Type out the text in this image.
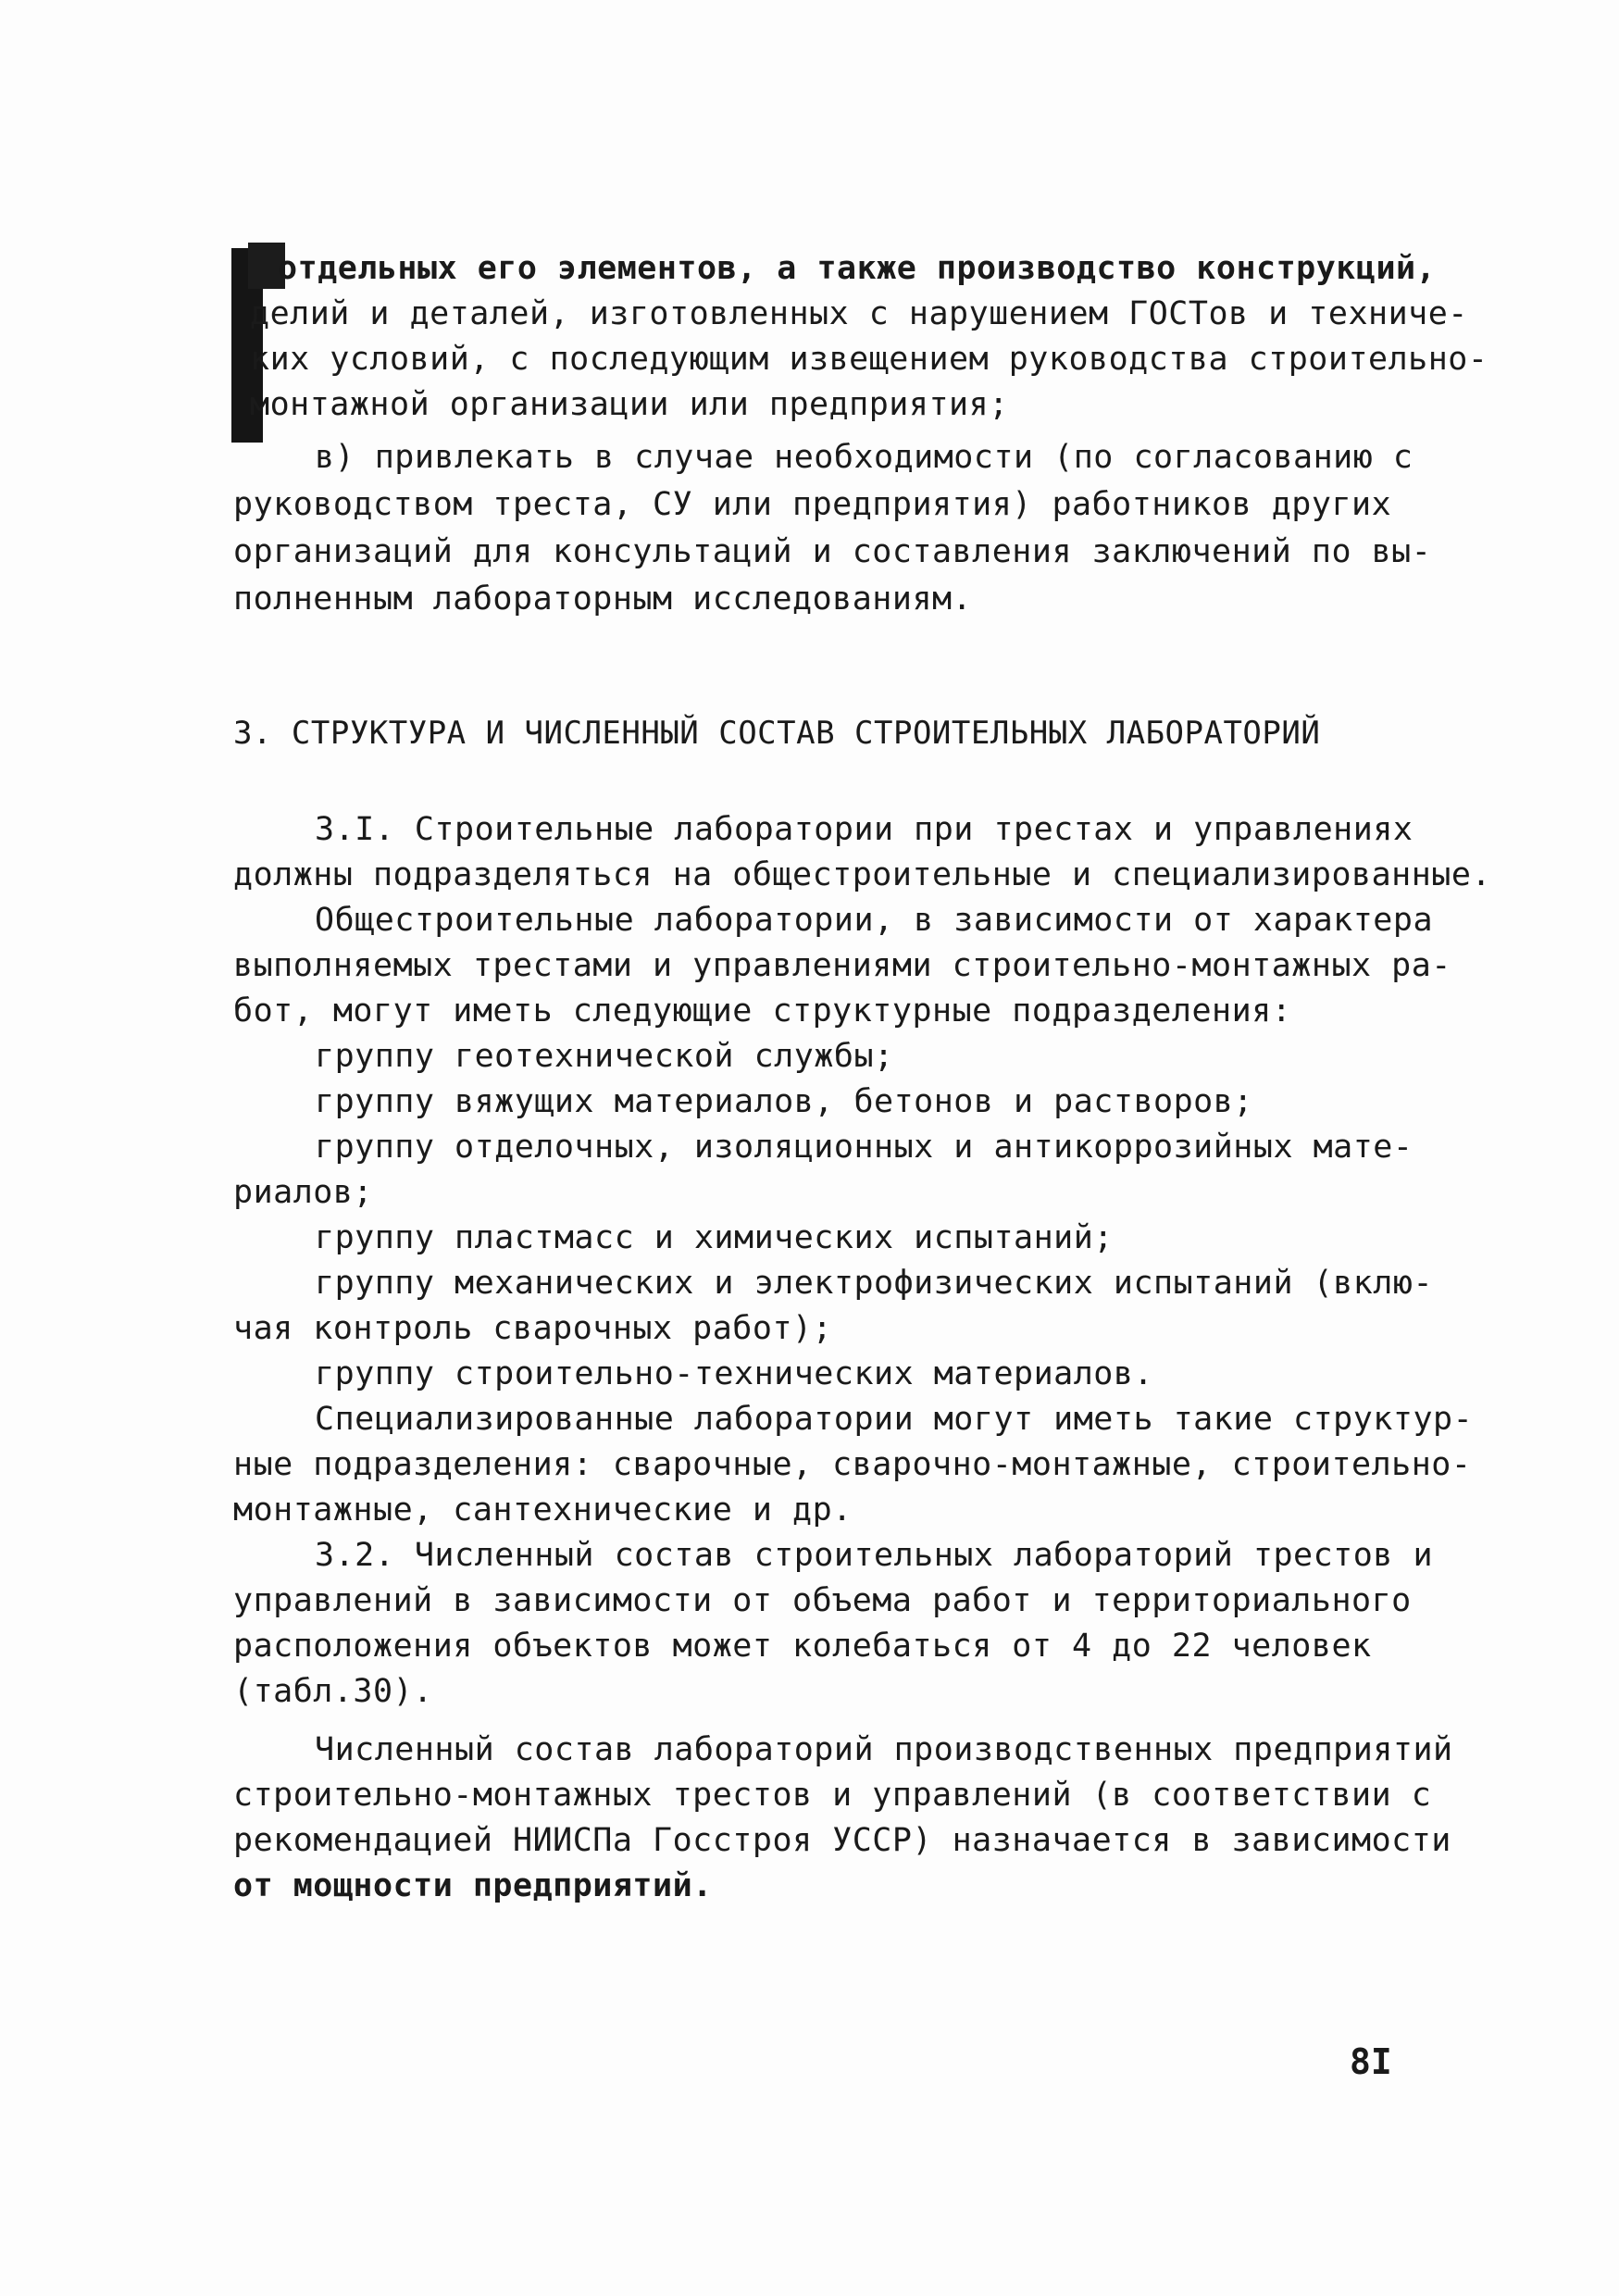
отдельных его элементов, а также производство конструкций,
делий и деталей, изготовленных с нарушением ГОСТов и техниче-
ких условий, с последующим извещением руководства строительно-
монтажной организации или предприятия;
в) привлекать в случае необходимости (по согласованию с
руководством треста, СУ или предприятия) работников других
организаций для консультаций и составления заключений по вы-
полненным лабораторным исследованиям.
3. СТРУКТУРА И ЧИСЛЕННЫЙ СОСТАВ СТРОИТЕЛЬНЫХ ЛАБОРАТОРИЙ
3.I. Строительные лаборатории при трестах и управлениях
должны подразделяться на общестроительные и специализированные.
Общестроительные лаборатории, в зависимости от характера
выполняемых трестами и управлениями строительно-монтажных ра-
бот, могут иметь следующие структурные подразделения:
группу геотехнической службы;
группу вяжущих материалов, бетонов и растворов;
группу отделочных, изоляционных и антикоррозийных мате-
риалов;
группу пластмасс и химических испытаний;
группу механических и электрофизических испытаний (вклю-
чая контроль сварочных работ);
группу строительно-технических материалов.
Специализированные лаборатории могут иметь такие структур-
ные подразделения: сварочные, сварочно-монтажные, строительно-
монтажные, сантехнические и др.
3.2. Численный состав строительных лабораторий трестов и
управлений в зависимости от объема работ и территориального
расположения объектов может колебаться от 4 до 22 человек
(табл.30).
Численный состав лабораторий производственных предприятий
строительно-монтажных трестов и управлений (в соответствии с
рекомендацией НИИСПа Госстроя УССР) назначается в зависимости
от мощности предприятий.
8I
